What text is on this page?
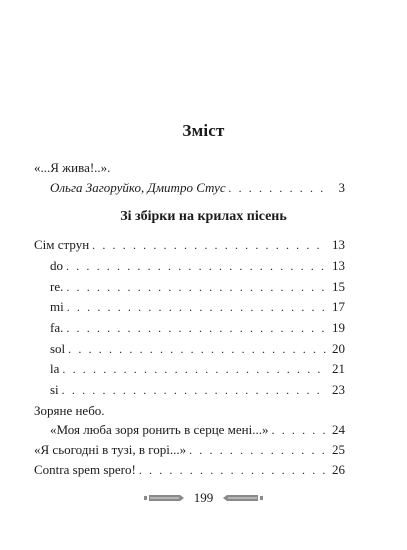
Зміст
«...Я жива!..».
Ольга Загоруйко, Дмитро Стус . . .	3
Зі збірки на крилах пісень
Сім струн . . .	13
do . . .	13
re. . . .	15
mi . . .	17
fa. . . .	19
sol . . .	20
la . . .	21
si . . .	23
Зоряне небо.
«Моя люба зоря ронить в серце мені...» . . .	24
«Я сьогодні в тузі, в горі...» . . .	25
Contra spem spero! . . .	26
199
